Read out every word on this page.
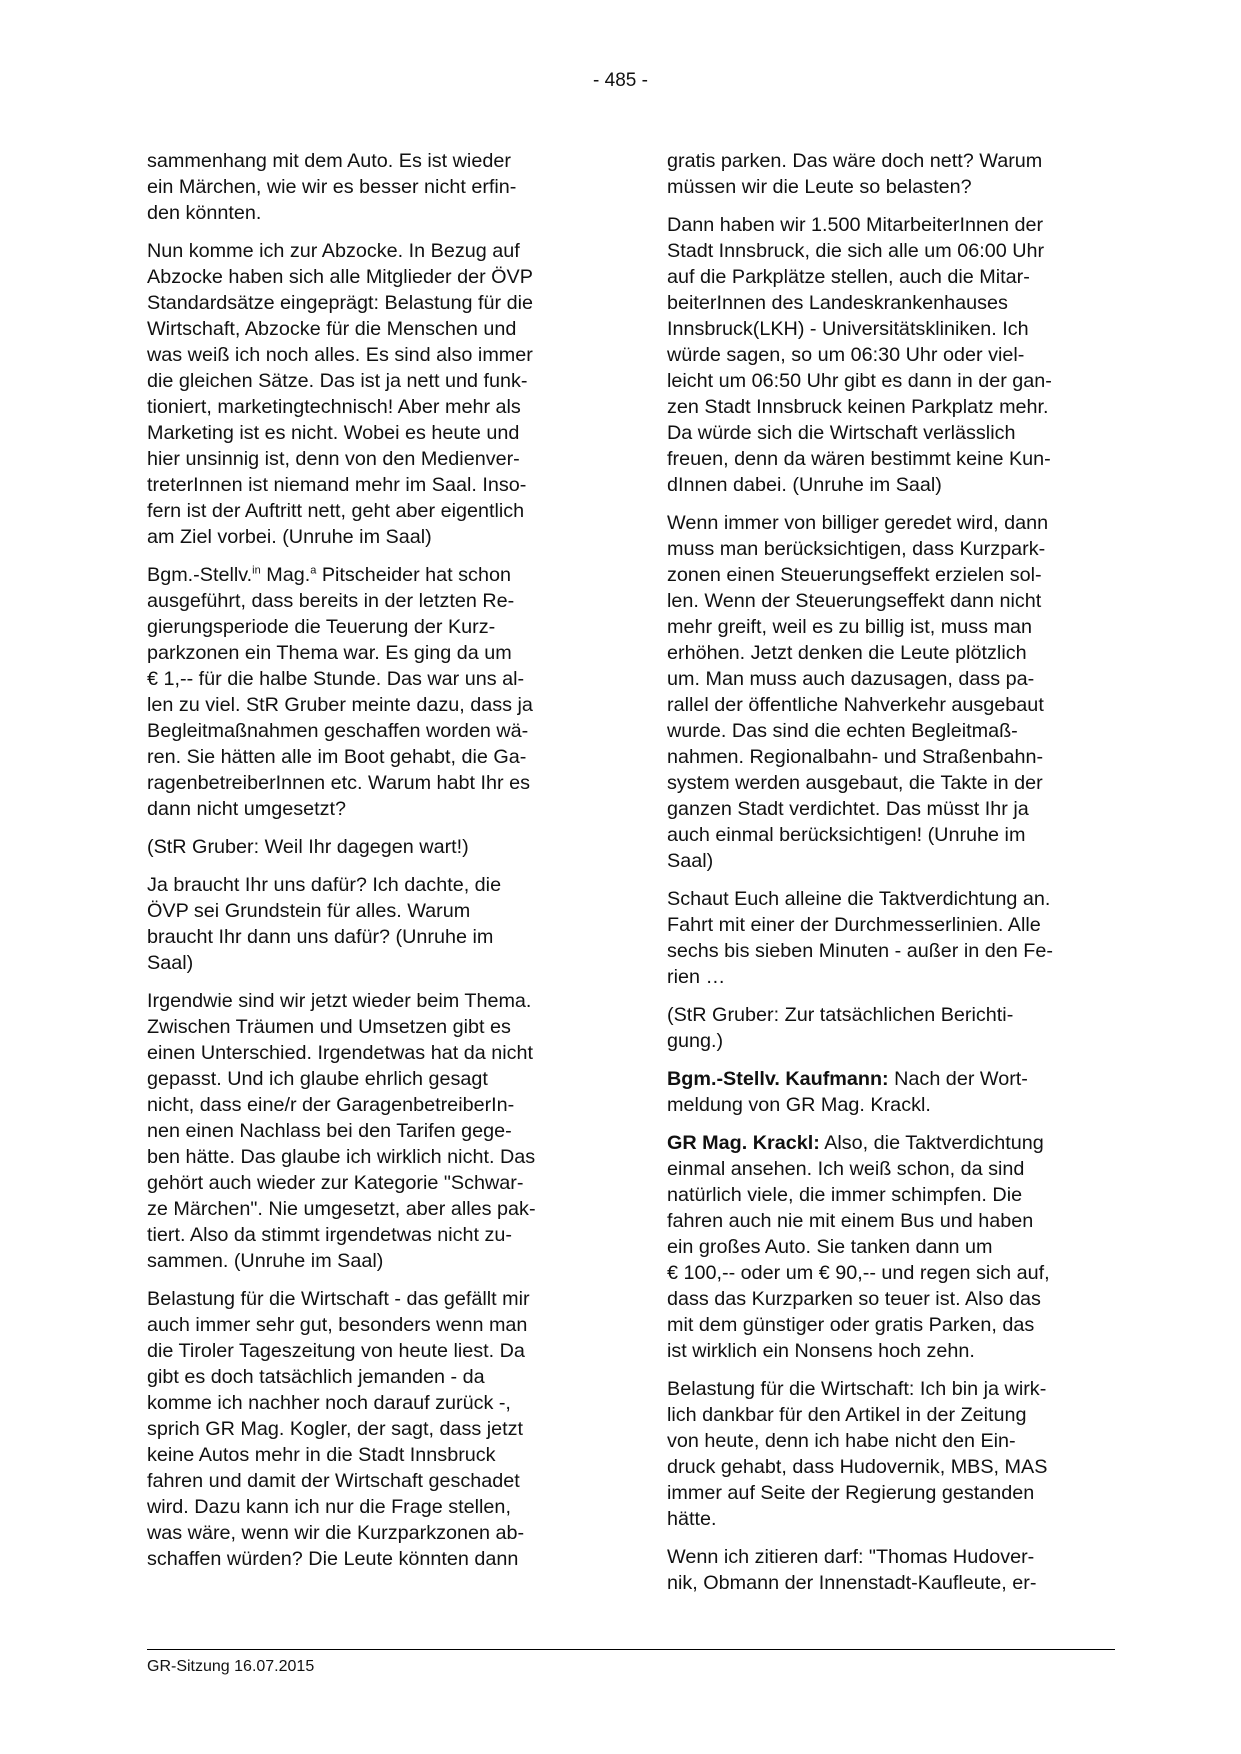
- 485 -

sammenhang mit dem Auto. Es ist wieder
ein Märchen, wie wir es besser nicht erfin-
den könnten.

Nun komme ich zur Abzocke. In Bezug auf
Abzocke haben sich alle Mitglieder der ÖVP
Standardsätze eingeprägt: Belastung für die
Wirtschaft, Abzocke für die Menschen und
was weiß ich noch alles. Es sind also immer
die gleichen Sätze. Das ist ja nett und funk-
tioniert, marketingtechnisch! Aber mehr als
Marketing ist es nicht. Wobei es heute und
hier unsinnig ist, denn von den Medienver-
treterInnen ist niemand mehr im Saal. Inso-
fern ist der Auftritt nett, geht aber eigentlich
am Ziel vorbei. (Unruhe im Saal)

Bgm.-Stellv.$^{in}$ Mag.$^a$ Pitscheider hat schon
ausgeführt, dass bereits in der letzten Re-
gierungsperiode die Teuerung der Kurz-
parkzonen ein Thema war. Es ging da um
€ 1,-- für die halbe Stunde. Das war uns al-
len zu viel. StR Gruber meinte dazu, dass ja
Begleitmaßnahmen geschaffen worden wä-
ren. Sie hätten alle im Boot gehabt, die Ga-
ragenbetreiberInnen etc. Warum habt Ihr es
dann nicht umgesetzt?

(StR Gruber: Weil Ihr dagegen wart!)

Ja braucht Ihr uns dafür? Ich dachte, die
ÖVP sei Grundstein für alles. Warum
braucht Ihr dann uns dafür? (Unruhe im
Saal)

Irgendwie sind wir jetzt wieder beim Thema.
Zwischen Träumen und Umsetzen gibt es
einen Unterschied. Irgendetwas hat da nicht
gepasst. Und ich glaube ehrlich gesagt
nicht, dass eine/r der GaragenbetreiberIn-
nen einen Nachlass bei den Tarifen gege-
ben hätte. Das glaube ich wirklich nicht. Das
gehört auch wieder zur Kategorie "Schwar-
ze Märchen". Nie umgesetzt, aber alles pak-
tiert. Also da stimmt irgendetwas nicht zu-
sammen. (Unruhe im Saal)

Belastung für die Wirtschaft - das gefällt mir
auch immer sehr gut, besonders wenn man
die Tiroler Tageszeitung von heute liest. Da
gibt es doch tatsächlich jemanden - da
komme ich nachher noch darauf zurück -,
sprich GR Mag. Kogler, der sagt, dass jetzt
keine Autos mehr in die Stadt Innsbruck
fahren und damit der Wirtschaft geschadet
wird. Dazu kann ich nur die Frage stellen,
was wäre, wenn wir die Kurzparkzonen ab-
schaffen würden? Die Leute könnten dann

gratis parken. Das wäre doch nett? Warum
müssen wir die Leute so belasten?

Dann haben wir 1.500 MitarbeiterInnen der
Stadt Innsbruck, die sich alle um 06:00 Uhr
auf die Parkplätze stellen, auch die Mitar-
beiterInnen des Landeskrankenhauses
Innsbruck(LKH) - Universitätskliniken. Ich
würde sagen, so um 06:30 Uhr oder viel-
leicht um 06:50 Uhr gibt es dann in der gan-
zen Stadt Innsbruck keinen Parkplatz mehr.
Da würde sich die Wirtschaft verlässlich
freuen, denn da wären bestimmt keine Kun-
dInnen dabei. (Unruhe im Saal)

Wenn immer von billiger geredet wird, dann
muss man berücksichtigen, dass Kurzpark-
zonen einen Steuerungseffekt erzielen sol-
len. Wenn der Steuerungseffekt dann nicht
mehr greift, weil es zu billig ist, muss man
erhöhen. Jetzt denken die Leute plötzlich
um. Man muss auch dazusagen, dass pa-
rallel der öffentliche Nahverkehr ausgebaut
wurde. Das sind die echten Begleitmaß-
nahmen. Regionalbahn- und Straßenbahn-
system werden ausgebaut, die Takte in der
ganzen Stadt verdichtet. Das müsst Ihr ja
auch einmal berücksichtigen! (Unruhe im
Saal)

Schaut Euch alleine die Taktverdichtung an.
Fahrt mit einer der Durchmesserlinien. Alle
sechs bis sieben Minuten - außer in den Fe-
rien …

(StR Gruber: Zur tatsächlichen Berichti-
gung.)

Bgm.-Stellv. Kaufmann: Nach der Wort-
meldung von GR Mag. Krackl.

GR Mag. Krackl: Also, die Taktverdichtung
einmal ansehen. Ich weiß schon, da sind
natürlich viele, die immer schimpfen. Die
fahren auch nie mit einem Bus und haben
ein großes Auto. Sie tanken dann um
€ 100,-- oder um € 90,-- und regen sich auf,
dass das Kurzparken so teuer ist. Also das
mit dem günstiger oder gratis Parken, das
ist wirklich ein Nonsens hoch zehn.

Belastung für die Wirtschaft: Ich bin ja wirk-
lich dankbar für den Artikel in der Zeitung
von heute, denn ich habe nicht den Ein-
druck gehabt, dass Hudovernik, MBS, MAS
immer auf Seite der Regierung gestanden
hätte.

Wenn ich zitieren darf: "Thomas Hudover-
nik, Obmann der Innenstadt-Kaufleute, er-

GR-Sitzung 16.07.2015
